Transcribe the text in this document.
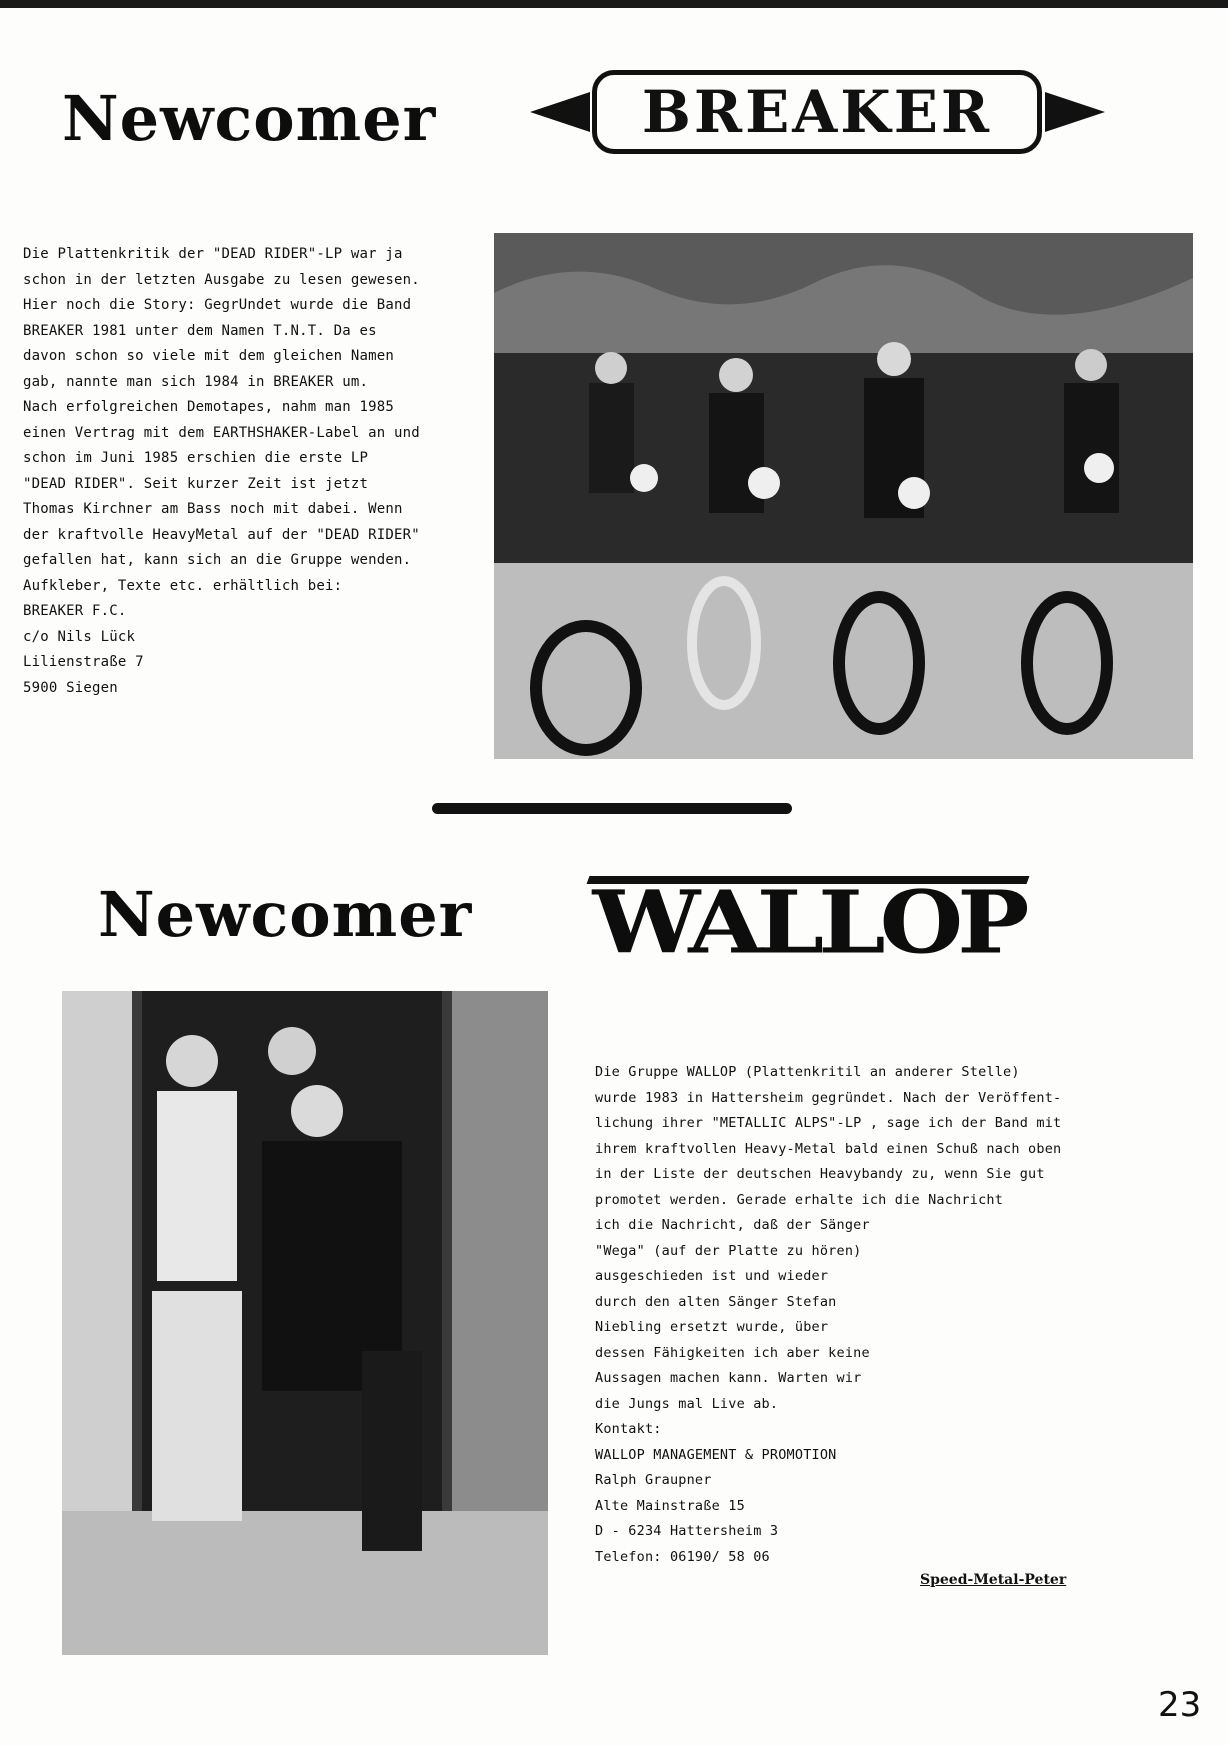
Newcomer	BREAKER
Die Plattenkritik der "DEAD RIDER"-LP war ja
schon in der letzten Ausgabe zu lesen gewesen.
Hier noch die Story: GegrUndet wurde die Band
BREAKER 1981 unter dem Namen T.N.T. Da es
davon schon so viele mit dem gleichen Namen
gab, nannte man sich 1984 in BREAKER um.
Nach erfolgreichen Demotapes, nahm man 1985
einen Vertrag mit dem EARTHSHAKER-Label an und
schon im Juni 1985 erschien die erste LP
"DEAD RIDER". Seit kurzer Zeit ist jetzt
Thomas Kirchner am Bass noch mit dabei. Wenn
der kraftvolle HeavyMetal auf der "DEAD RIDER"
gefallen hat, kann sich an die Gruppe wenden.
Aufkleber, Texte etc. erhältlich bei:
BREAKER F.C.
c/o Nils Lück
Lilienstraße 7
5900 Siegen
Newcomer WALLOP
Die Gruppe WALLOP (Plattenkritil an anderer Stelle)
wurde 1983 in Hattersheim gegründet. Nach der Veröffent-
lichung ihrer "METALLIC ALPS"-LP , sage ich der Band mit
ihrem kraftvollen Heavy-Metal bald einen Schuß nach oben
in der Liste der deutschen Heavybandy zu, wenn Sie gut
promotet werden. Gerade erhalte ich die Nachricht
ich die Nachricht, daß der Sänger
"Wega" (auf der Platte zu hören)
ausgeschieden ist und wieder
durch den alten Sänger Stefan
Niebling ersetzt wurde, über
dessen Fähigkeiten ich aber keine
Aussagen machen kann. Warten wir
die Jungs mal Live ab.
Kontakt:
WALLOP MANAGEMENT & PROMOTION
Ralph Graupner
Alte Mainstraße 15
D - 6234 Hattersheim 3
Telefon: 06190/ 58 06
Speed-Metal-Peter
23
